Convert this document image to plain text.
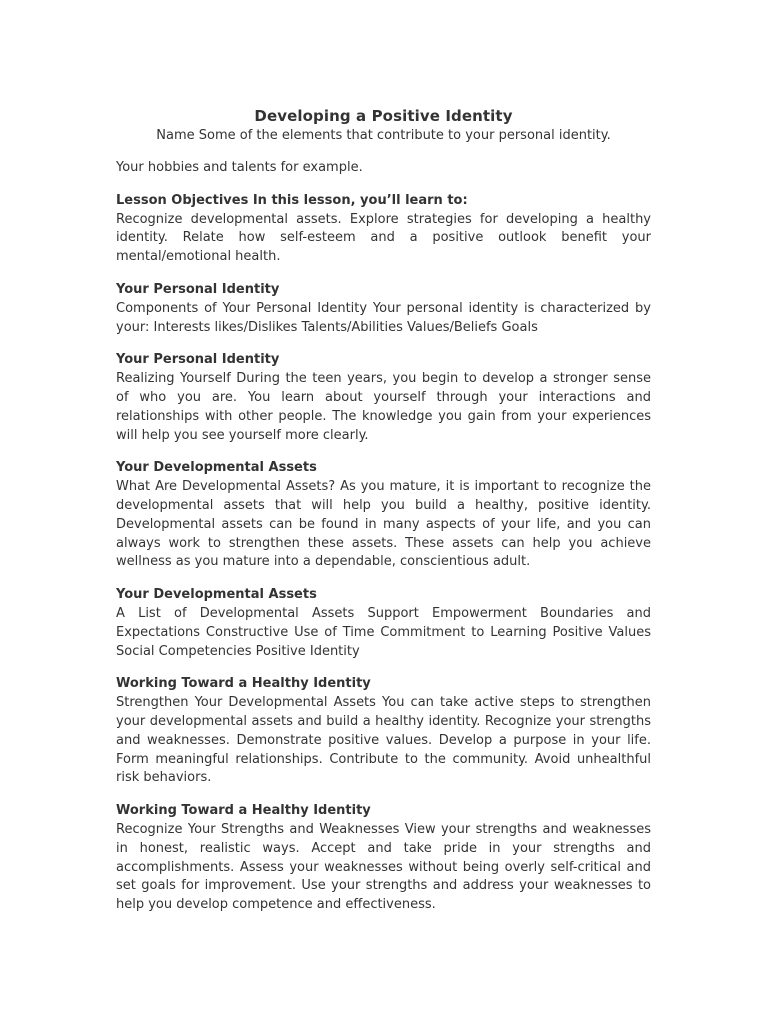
Developing a Positive Identity

Name Some of the elements that contribute to your personal identity.

Your hobbies and talents for example.

Lesson Objectives In this lesson, you’ll learn to:

Recognize developmental assets. Explore strategies for developing a healthy identity. Relate how self-esteem and a positive outlook benefit your mental/emotional health.

Your Personal Identity

Components of Your Personal Identity Your personal identity is characterized by your: Interests likes/Dislikes Talents/Abilities Values/Beliefs Goals

Your Personal Identity

Realizing Yourself During the teen years, you begin to develop a stronger sense of who you are. You learn about yourself through your interactions and relationships with other people. The knowledge you gain from your experiences will help you see yourself more clearly.

Your Developmental Assets

What Are Developmental Assets? As you mature, it is important to recognize the developmental assets that will help you build a healthy, positive identity. Developmental assets can be found in many aspects of your life, and you can always work to strengthen these assets. These assets can help you achieve wellness as you mature into a dependable, conscientious adult.

Your Developmental Assets

A List of Developmental Assets Support Empowerment Boundaries and Expectations Constructive Use of Time Commitment to Learning Positive Values Social Competencies Positive Identity

Working Toward a Healthy Identity

Strengthen Your Developmental Assets You can take active steps to strengthen your developmental assets and build a healthy identity. Recognize your strengths and weaknesses. Demonstrate positive values. Develop a purpose in your life. Form meaningful relationships. Contribute to the community. Avoid unhealthful risk behaviors.

Working Toward a Healthy Identity

Recognize Your Strengths and Weaknesses View your strengths and weaknesses in honest, realistic ways. Accept and take pride in your strengths and accomplishments. Assess your weaknesses without being overly self-critical and set goals for improvement. Use your strengths and address your weaknesses to help you develop competence and effectiveness.
